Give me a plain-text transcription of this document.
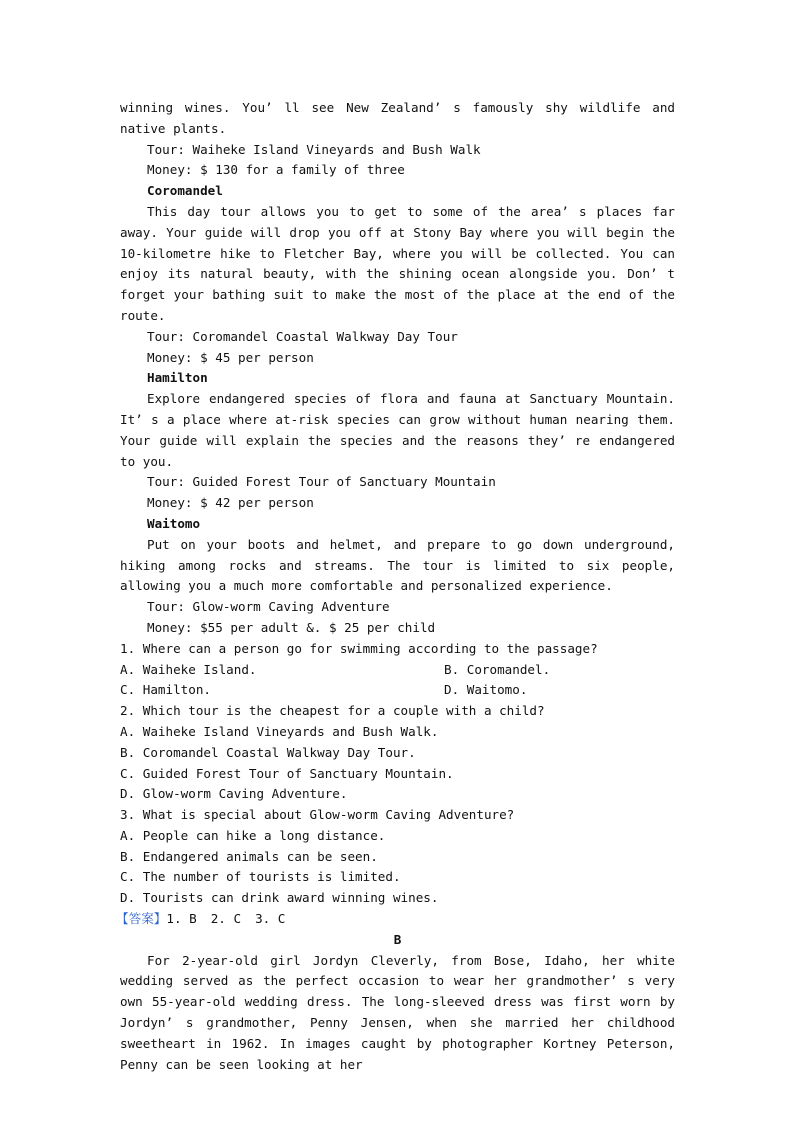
winning wines. You’ ll see New Zealand’ s famously shy wildlife and native plants.

Tour: Waiheke Island Vineyards and Bush Walk

Money: $ 130 for a family of three

Coromandel

This day tour allows you to get to some of the area’ s places far away. Your guide will drop you off at Stony Bay where you will begin the 10-kilometre hike to Fletcher Bay, where you will be collected. You can enjoy its natural beauty, with the shining ocean alongside you. Don’ t forget your bathing suit to make the most of the place at the end of the route.

Tour: Coromandel Coastal Walkway Day Tour

Money: $ 45 per person

Hamilton

Explore endangered species of flora and fauna at Sanctuary Mountain. It’ s a place where at-risk species can grow without human nearing them. Your guide will explain the species and the reasons they’ re endangered to you.

Tour: Guided Forest Tour of Sanctuary Mountain

Money: $ 42 per person

Waitomo

Put on your boots and helmet, and prepare to go down underground, hiking among rocks and streams. The tour is limited to six people, allowing you a much more comfortable and personalized experience.

Tour: Glow-worm Caving Adventure

Money: $55 per adult &. $ 25 per child

1. Where can a person go for swimming according to the passage?

A. Waiheke Island.	B. Coromandel.
C. Hamilton.	D. Waitomo.

2. Which tour is the cheapest for a couple with a child?

A. Waiheke Island Vineyards and Bush Walk.

B. Coromandel Coastal Walkway Day Tour.

C. Guided Forest Tour of Sanctuary Mountain.

D. Glow-worm Caving Adventure.

3. What is special about Glow-worm Caving Adventure?

A. People can hike a long distance.

B. Endangered animals can be seen.

C. The number of tourists is limited.

D. Tourists can drink award winning wines.

【答案】1. B 2. C 3. C

B

For 2-year-old girl Jordyn Cleverly, from Bose, Idaho, her white wedding served as the perfect occasion to wear her grandmother’ s very own 55-year-old wedding dress. The long-sleeved dress was first worn by Jordyn’ s grandmother, Penny Jensen, when she married her childhood sweetheart in 1962. In images caught by photographer Kortney Peterson, Penny can be seen looking at her
